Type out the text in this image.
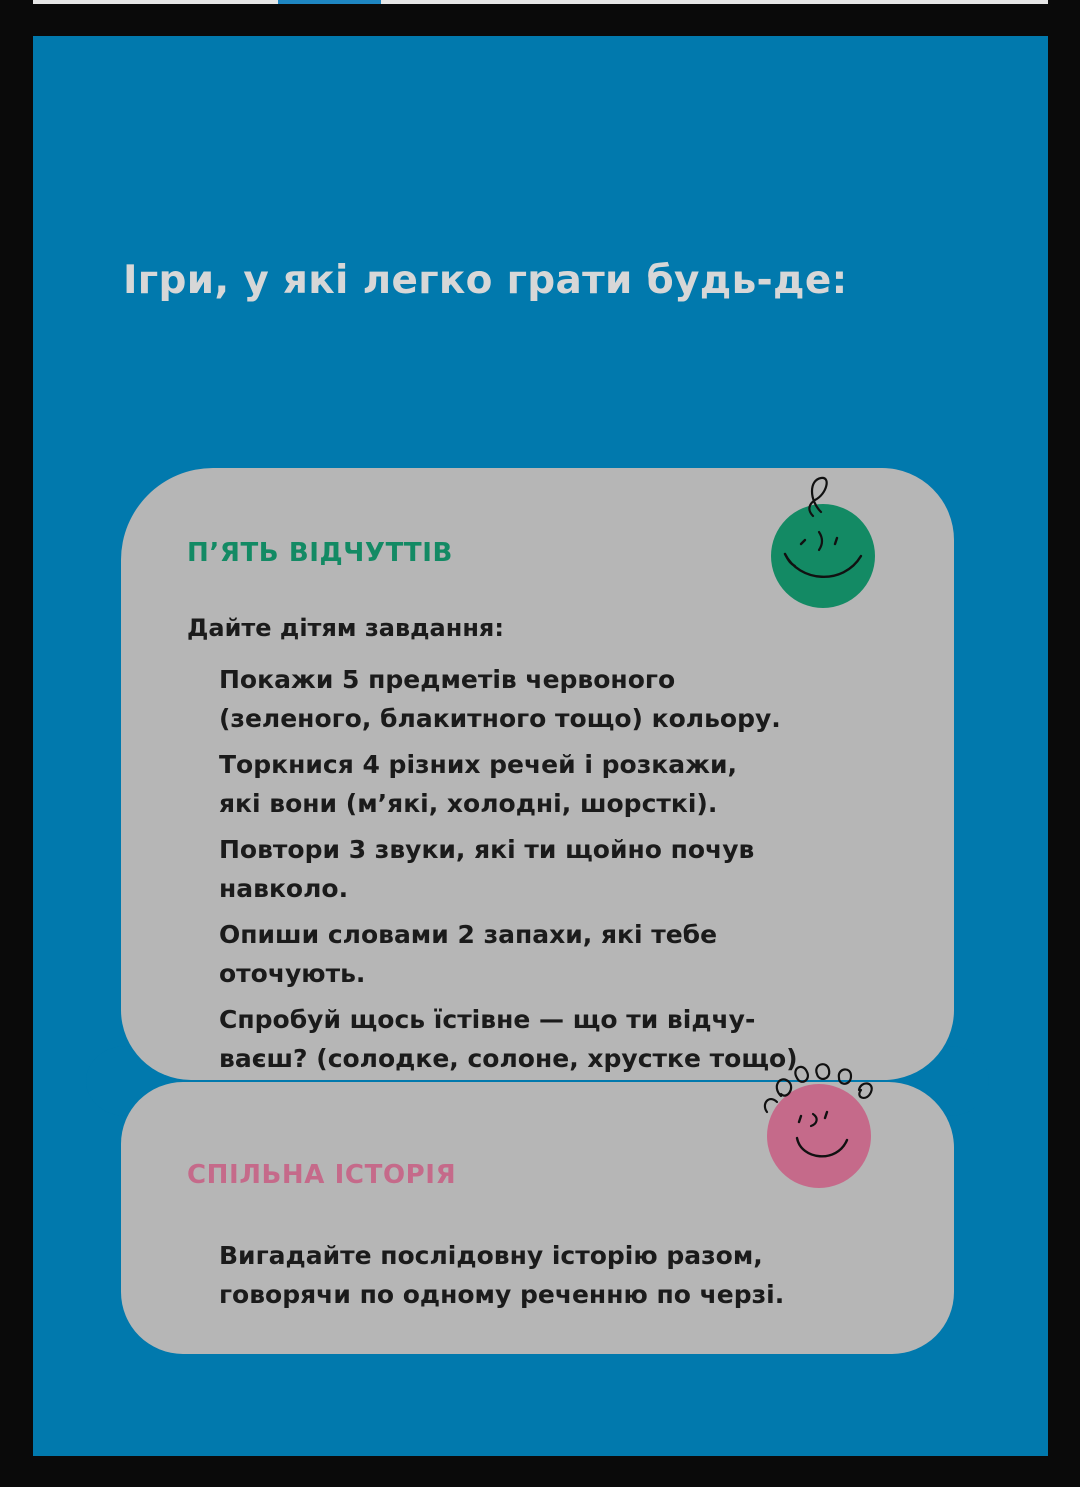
Ігри, у які легко грати будь-де:
П’ЯТЬ ВІДЧУТТІВ

Дайте дітям завдання:

Покажи 5 предметів червоного
(зеленого, блакитного тощо) кольору.
Торкнися 4 різних речей і розкажи,
які вони (м’які, холодні, шорсткі).
Повтори 3 звуки, які ти щойно почув
навколо.
Опиши словами 2 запахи, які тебе
оточують.
Спробуй щось їстівне — що ти відчу-
ваєш? (солодке, солоне, хрустке тощо)
СПІЛЬНА ІСТОРІЯ

Вигадайте послідовну історію разом,
говорячи по одному реченню по черзі.
